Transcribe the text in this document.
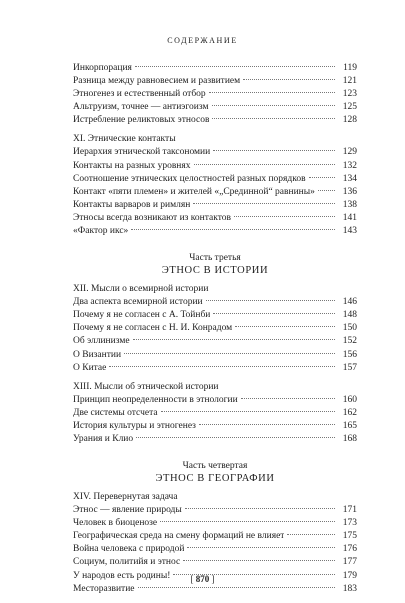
СОДЕРЖАНИЕ
Инкорпорация	119
Разница между равновесием и развитием	121
Этногенез и естественный отбор	123
Альтруизм, точнее — антиэгоизм	125
Истребление реликтовых этносов	128
XI. Этнические контакты
Иерархия этнической таксономии	129
Контакты на разных уровнях	132
Соотношение этнических целостностей разных порядков	134
Контакт «пяти племен» и жителей «„Срединной“ равнины»	136
Контакты варваров и римлян	138
Этносы всегда возникают из контактов	141
«Фактор икс»	143
Часть третья
ЭТНОС В ИСТОРИИ
XII. Мысли о всемирной истории
Два аспекта всемирной истории	146
Почему я не согласен с А. Тойнби	148
Почему я не согласен с Н. И. Конрадом	150
Об эллинизме	152
О Византии	156
О Китае	157
XIII. Мысли об этнической истории
Принцип неопределенности в этнологии	160
Две системы отсчета	162
История культуры и этногенез	165
Урания и Клио	168
Часть четвертая
ЭТНОС В ГЕОГРАФИИ
XIV. Перевернутая задача
Этнос — явление природы	171
Человек в биоценозе	173
Географическая среда на смену формаций не влияет	175
Война человека с природой	176
Социум, политийя и этнос	177
У народов есть родины!	179
Месторазвитие	183
[ 870 ]
